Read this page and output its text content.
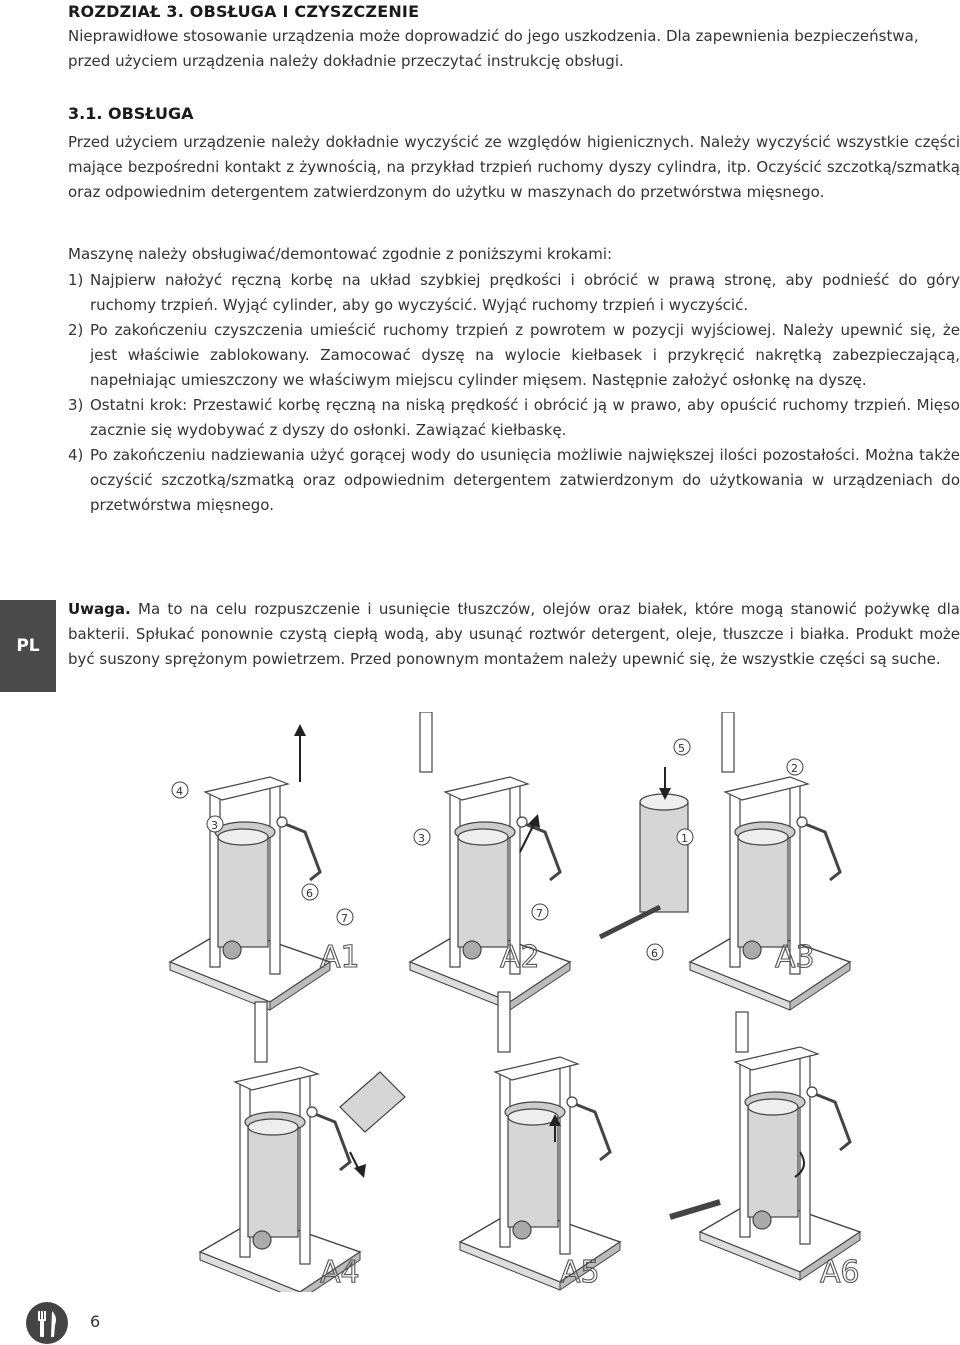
ROZDZIAŁ 3. OBSŁUGA I CZYSZCZENIE
Nieprawidłowe stosowanie urządzenia może doprowadzić do jego uszkodzenia. Dla zapewnienia bezpieczeństwa, przed użyciem urządzenia należy dokładnie przeczytać instrukcję obsługi.
3.1. OBSŁUGA
Przed użyciem urządzenie należy dokładnie wyczyścić ze względów higienicznych. Należy wyczyścić wszystkie części mające bezpośredni kontakt z żywnością, na przykład trzpień ruchomy dyszy cylindra, itp. Oczyścić szczotką/szmatką oraz odpowiednim detergentem zatwierdzonym do użytku w maszynach do przetwórstwa mięsnego.
Maszynę należy obsługiwać/demontować zgodnie z poniższymi krokami:
1) Najpierw nałożyć ręczną korbę na układ szybkiej prędkości i obrócić w prawą stronę, aby podnieść do góry ruchomy trzpień. Wyjąć cylinder, aby go wyczyścić. Wyjąć ruchomy trzpień i wyczyścić.
2) Po zakończeniu czyszczenia umieścić ruchomy trzpień z powrotem w pozycji wyjściowej. Należy upewnić się, że jest właściwie zablokowany. Zamocować dyszę na wylocie kiełbasek i przykręcić nakrętką zabezpieczającą, napełniając umieszczony we właściwym miejscu cylinder mięsem. Następnie założyć osłonkę na dyszę.
3) Ostatni krok: Przestawić korbę ręczną na niską prędkość i obrócić ją w prawo, aby opuścić ruchomy trzpień. Mięso zacznie się wydobywać z dyszy do osłonki. Zawiązać kiełbaskę.
4) Po zakończeniu nadziewania użyć gorącej wody do usunięcia możliwie największej ilości pozostałości. Można także oczyścić szczotką/szmatką oraz odpowiednim detergentem zatwierdzonym do użytkowania w urządzeniach do przetwórstwa mięsnego.
PL
Uwaga. Ma to na celu rozpuszczenie i usunięcie tłuszczów, olejów oraz białek, które mogą stanowić pożywkę dla bakterii. Spłukać ponownie czystą ciepłą wodą, aby usunąć roztwór detergent, oleje, tłuszcze i białka. Produkt może być suszony sprężonym powietrzem. Przed ponownym montażem należy upewnić się, że wszystkie części są suche.
4
3
6
7
A1
3
7
A2
5
2
1
6	A3
A4	A5	A6
6
